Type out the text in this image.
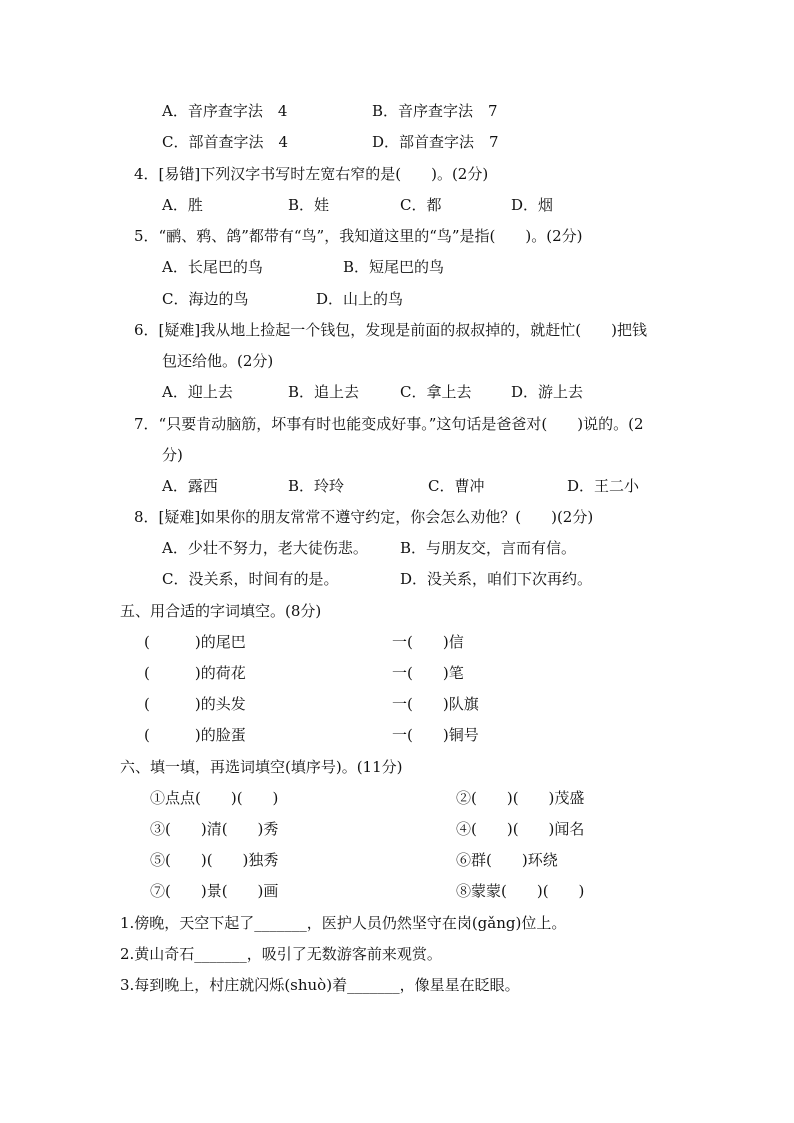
A．音序查字法　4	B．音序查字法　7
C．部首查字法　4	D．部首查字法　7
4．[易错]下列汉字书写时左宽右窄的是(　　)。(2分)
A．胜	B．娃	C．都	D．烟
5．“鹂、鸦、鸽”都带有“鸟”，我知道这里的“鸟”是指(　　)。(2分)
A．长尾巴的鸟	B．短尾巴的鸟
C．海边的鸟	D．山上的鸟
6．[疑难]我从地上捡起一个钱包，发现是前面的叔叔掉的，就赶忙(　　)把钱
包还给他。(2分)
A．迎上去	B．追上去	C．拿上去	D．游上去
7．“只要肯动脑筋，坏事有时也能变成好事。”这句话是爸爸对(　　)说的。(2
分)
A．露西	B．玲玲	C．曹冲	D．王二小
8．[疑难]如果你的朋友常常不遵守约定，你会怎么劝他？(　　)(2分)
A．少壮不努力，老大徒伤悲。 B．与朋友交，言而有信。
C．没关系，时间有的是。	D．没关系，咱们下次再约。
五、用合适的字词填空。(8分)
(　　　)的尾巴	一(　　)信
(　　　)的荷花	一(　　)笔
(　　　)的头发	一(　　)队旗
(　　　)的脸蛋	一(　　)铜号
六、填一填，再选词填空(填序号)。(11分)
①点点(　　)(　　)	②(　　)(　　)茂盛
③(　　)清(　　)秀	④(　　)(　　)闻名
⑤(　　)(　　)独秀	⑥群(　　)环绕
⑦(　　)景(　　)画	⑧蒙蒙(　　)(　　)
1.傍晚，天空下起了_______，医护人员仍然坚守在岗(gǎng)位上。
2.黄山奇石_______，吸引了无数游客前来观赏。
3.每到晚上，村庄就闪烁(shuò)着_______，像星星在眨眼。
